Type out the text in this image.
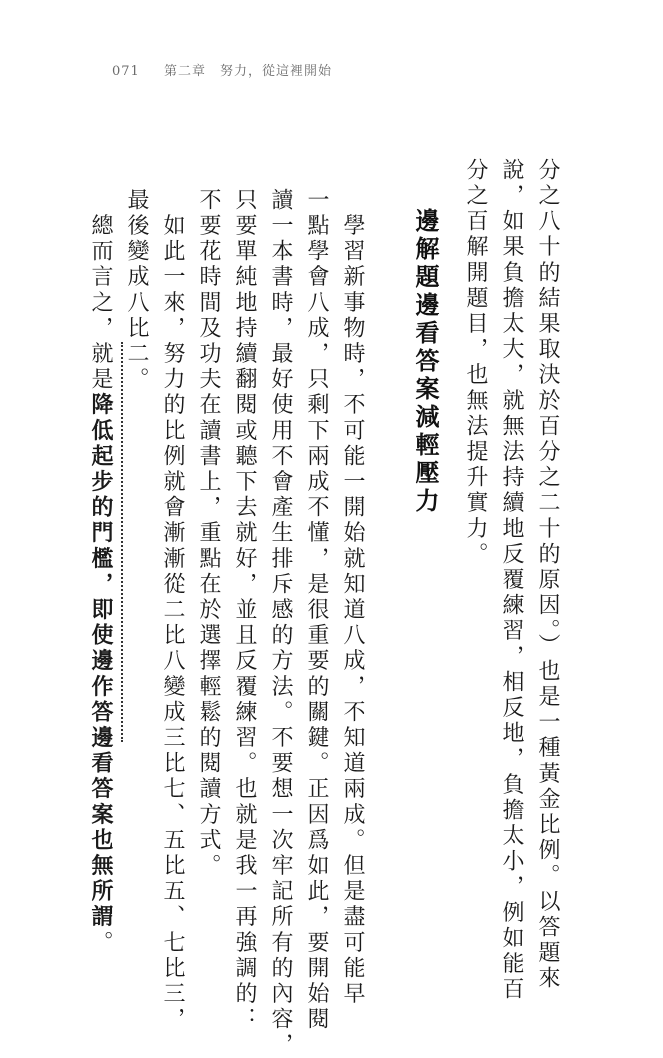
071 第二章　努力，從這裡開始
分之八十的結果取決於百分之二十的原因。）也是一種黃金比例。以答題來
說，如果負擔太大，就無法持續地反覆練習，相反地，負擔太小，例如能百
分之百解開題目，也無法提升實力。
邊解題邊看答案減輕壓力
　學習新事物時，不可能一開始就知道八成，不知道兩成。但是盡可能早
一點學會八成，只剩下兩成不懂，是很重要的關鍵。正因爲如此，要開始閱
讀一本書時，最好使用不會產生排斥感的方法。不要想一次牢記所有的內容，
只要單純地持續翻閱或聽下去就好，並且反覆練習。也就是我一再強調的：
不要花時間及功夫在讀書上，重點在於選擇輕鬆的閱讀方式。
　如此一來，努力的比例就會漸漸從二比八變成三比七、五比五、七比三，
最後變成八比二。
　總而言之，就是降低起步的門檻，即使邊作答邊看答案也無所謂。
